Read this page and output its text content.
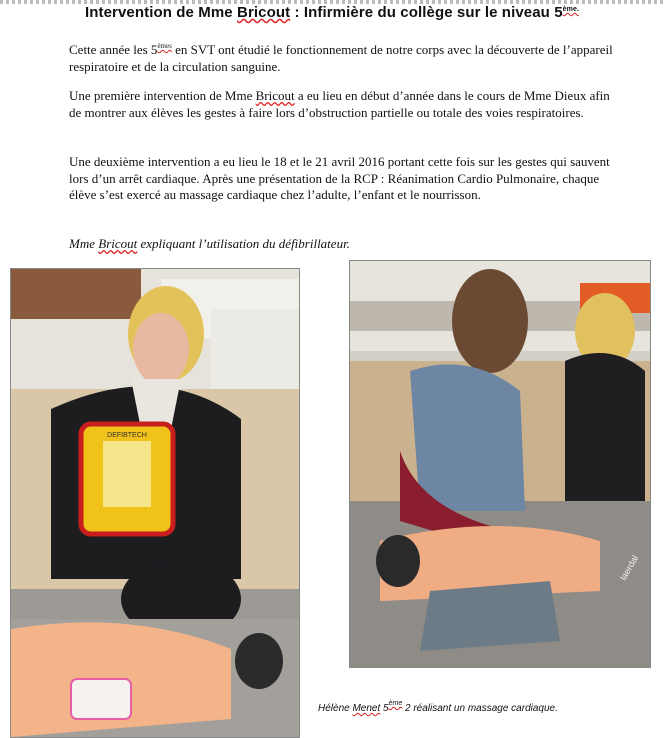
Intervention de Mme Bricout : Infirmière du collège sur le niveau $5^{ème.}$

Cette année les 5èmes en SVT ont étudié le fonctionnement de notre corps avec la découverte de l’appareil respiratoire et de la circulation sanguine.

Une première intervention de Mme Bricout a eu lieu en début d’année dans le cours de Mme Dieux afin de montrer aux élèves les gestes à faire lors d’obstruction partielle ou totale des voies respiratoires.

Une deuxième intervention a eu lieu le 18 et le 21 avril 2016 portant cette fois sur les gestes qui sauvent lors d’un arrêt cardiaque. Après une présentation de la RCP : Réanimation Cardio Pulmonaire, chaque élève s’est exercé au massage cardiaque chez l’adulte, l’enfant et le nourrisson.

Mme Bricout expliquant l’utilisation du défibrillateur.

DEFIBTECH
laerdal
Hélène Menet 5ème 2 réalisant un massage cardiaque.
